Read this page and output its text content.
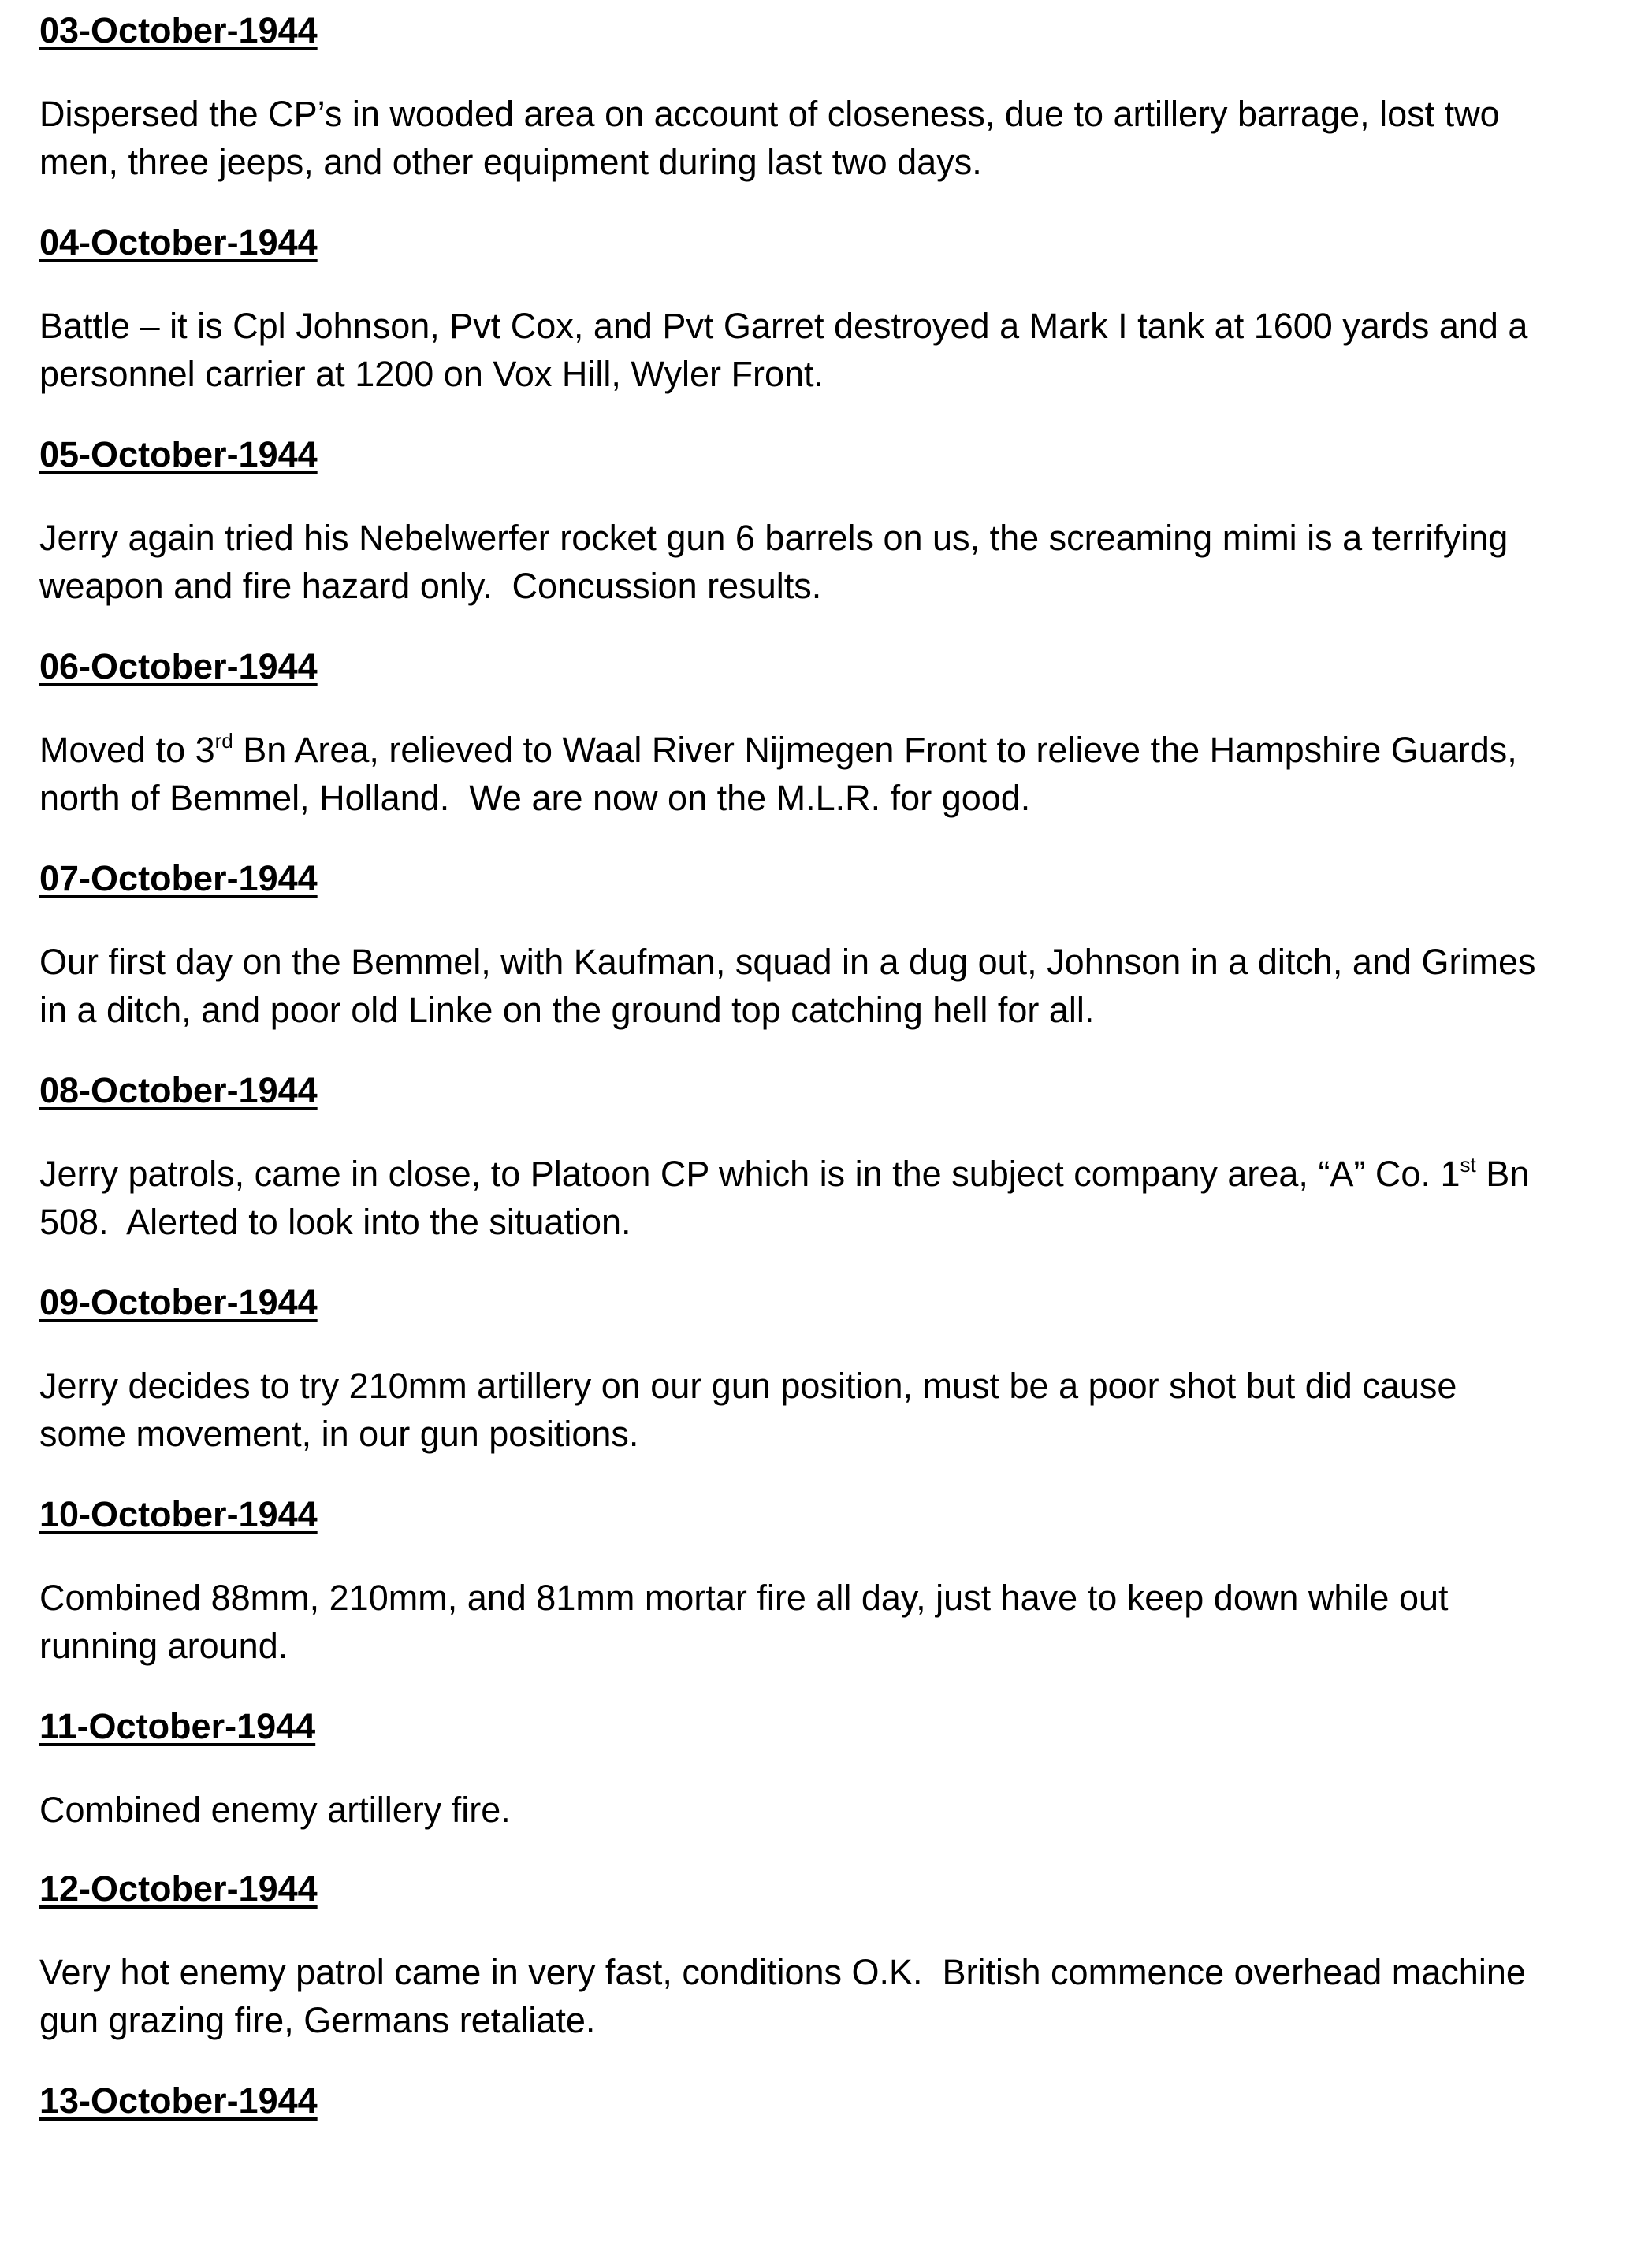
03-October-1944
Dispersed the CP’s in wooded area on account of closeness, due to artillery barrage, lost two
men, three jeeps, and other equipment during last two days.
04-October-1944
Battle – it is Cpl Johnson, Pvt Cox, and Pvt Garret destroyed a Mark I tank at 1600 yards and a
personnel carrier at 1200 on Vox Hill, Wyler Front.
05-October-1944
Jerry again tried his Nebelwerfer rocket gun 6 barrels on us, the screaming mimi is a terrifying
weapon and fire hazard only.  Concussion results.
06-October-1944
Moved to 3rd Bn Area, relieved to Waal River Nijmegen Front to relieve the Hampshire Guards,
north of Bemmel, Holland.  We are now on the M.L.R. for good.
07-October-1944
Our first day on the Bemmel, with Kaufman, squad in a dug out, Johnson in a ditch, and Grimes
in a ditch, and poor old Linke on the ground top catching hell for all.
08-October-1944
Jerry patrols, came in close, to Platoon CP which is in the subject company area, “A” Co. 1st Bn
508.  Alerted to look into the situation.
09-October-1944
Jerry decides to try 210mm artillery on our gun position, must be a poor shot but did cause
some movement, in our gun positions.
10-October-1944
Combined 88mm, 210mm, and 81mm mortar fire all day, just have to keep down while out
running around.
11-October-1944
Combined enemy artillery fire.
12-October-1944
Very hot enemy patrol came in very fast, conditions O.K.  British commence overhead machine
gun grazing fire, Germans retaliate.
13-October-1944
